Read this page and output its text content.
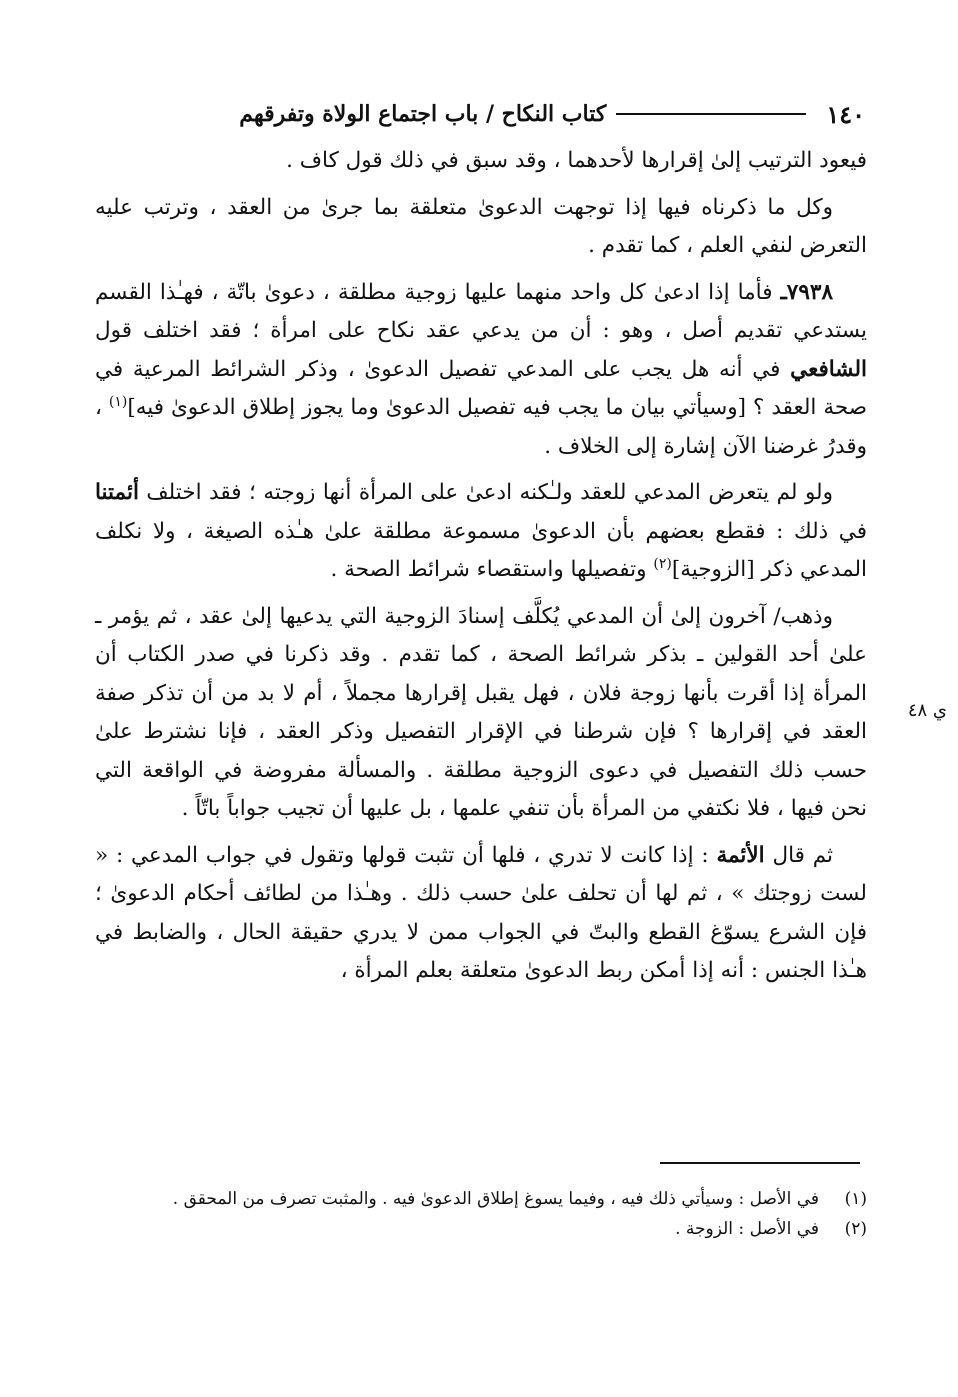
١٤٠
كتاب النكاح / باب اجتماع الولاة وتفرقهم
ي ٤٨

فيعود الترتيب إلىٰ إقرارها لأحدهما ، وقد سبق في ذلك قول كاف .

وكل ما ذكرناه فيها إذا توجهت الدعوىٰ متعلقة بما جرىٰ من العقد ، وترتب عليه التعرض لنفي العلم ، كما تقدم .

٧٩٣٨ـ فأما إذا ادعىٰ كل واحد منهما عليها زوجية مطلقة ، دعوىٰ باتّة ، فهـٰذا القسم يستدعي تقديم أصل ، وهو : أن من يدعي عقد نكاح على امرأة ؛ فقد اختلف قول الشافعي في أنه هل يجب على المدعي تفصيل الدعوىٰ ، وذكر الشرائط المرعية في صحة العقد ؟ [وسيأتي بيان ما يجب فيه تفصيل الدعوىٰ وما يجوز إطلاق الدعوىٰ فيه]$^{(١)}$ ، وقدرُ غرضنا الآن إشارة إلى الخلاف .

ولو لم يتعرض المدعي للعقد ولـٰكنه ادعىٰ على المرأة أنها زوجته ؛ فقد اختلف أئمتنا في ذلك : فقطع بعضهم بأن الدعوىٰ مسموعة مطلقة علىٰ هـٰذه الصيغة ، ولا نكلف المدعي ذكر [الزوجية]$^{(٢)}$ وتفصيلها واستقصاء شرائط الصحة .

وذهب/ آخرون إلىٰ أن المدعي يُكلَّف إسنادَ الزوجية التي يدعيها إلىٰ عقد ، ثم يؤمر ـ علىٰ أحد القولين ـ بذكر شرائط الصحة ، كما تقدم . وقد ذكرنا في صدر الكتاب أن المرأة إذا أقرت بأنها زوجة فلان ، فهل يقبل إقرارها مجملاً ، أم لا بد من أن تذكر صفة العقد في إقرارها ؟ فإن شرطنا في الإقرار التفصيل وذكر العقد ، فإنا نشترط علىٰ حسب ذلك التفصيل في دعوى الزوجية مطلقة . والمسألة مفروضة في الواقعة التي نحن فيها ، فلا نكتفي من المرأة بأن تنفي علمها ، بل عليها أن تجيب جواباً باتّاً .

ثم قال الأئمة : إذا كانت لا تدري ، فلها أن تثبت قولها وتقول في جواب المدعي : « لست زوجتك » ، ثم لها أن تحلف علىٰ حسب ذلك . وهـٰذا من لطائف أحكام الدعوىٰ ؛ فإن الشرع يسوّغ القطع والبتّ في الجواب ممن لا يدري حقيقة الحال ، والضابط في هـٰذا الجنس : أنه إذا أمكن ربط الدعوىٰ متعلقة بعلم المرأة ،

(١)
في الأصل : وسيأتي ذلك فيه ، وفيما يسوغ إطلاق الدعوىٰ فيه . والمثبت تصرف من المحقق .
(٢)
في الأصل : الزوجة .
